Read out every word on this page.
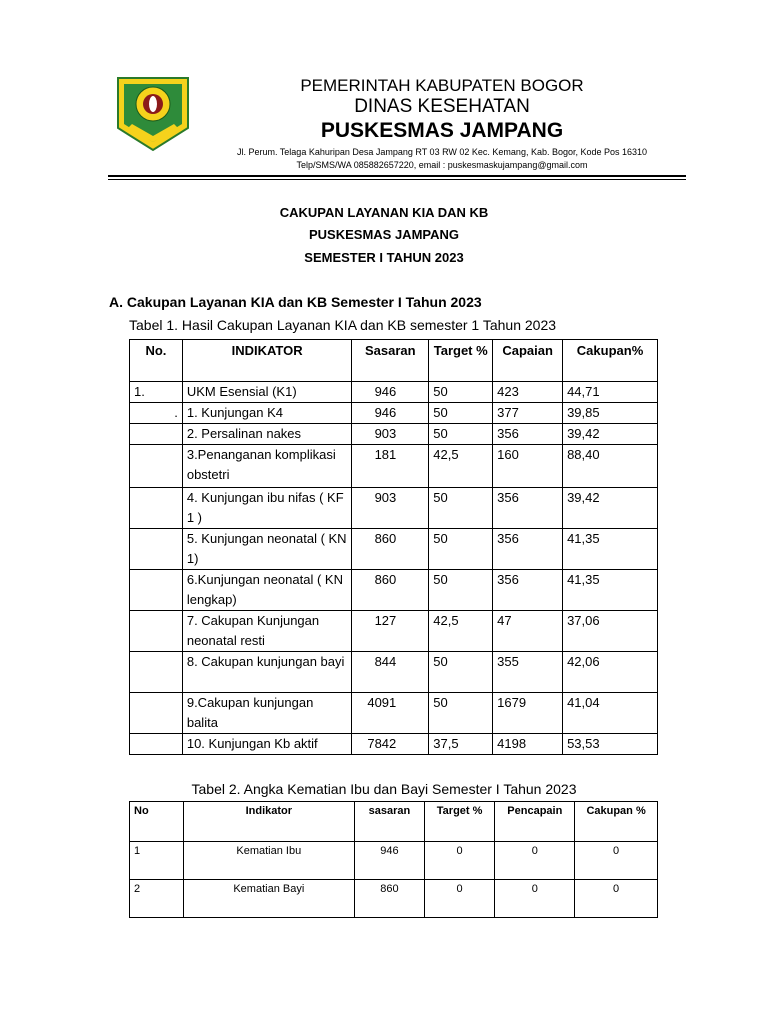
PEMERINTAH KABUPATEN BOGOR
DINAS KESEHATAN
PUSKESMAS JAMPANG
Jl. Perum. Telaga Kahuripan Desa Jampang RT 03 RW 02 Kec. Kemang, Kab. Bogor, Kode Pos 16310
Telp/SMS/WA 085882657220, email : puskesmaskujampang@gmail.com
CAKUPAN LAYANAN KIA DAN KB
PUSKESMAS JAMPANG
SEMESTER I TAHUN 2023
A. Cakupan Layanan KIA dan KB Semester I Tahun 2023
Tabel 1. Hasil Cakupan Layanan KIA dan KB semester 1 Tahun 2023
No.	INDIKATOR	Sasaran	Target %	Capaian	Cakupan%
1.	UKM Esensial (K1)	946	50	423	44,71
.	1. Kunjungan K4	946	50	377	39,85
	2. Persalinan nakes	903	50	356	39,42
	3.Penanganan komplikasi obstetri	181	42,5	160	88,40
	4. Kunjungan ibu nifas ( KF 1 )	903	50	356	39,42
	5. Kunjungan neonatal ( KN 1)	860	50	356	41,35
	6.Kunjungan neonatal ( KN lengkap)	860	50	356	41,35
	7. Cakupan Kunjungan neonatal resti	127	42,5	47	37,06
	8. Cakupan kunjungan bayi	844	50	355	42,06
	9.Cakupan kunjungan balita	4091	50	1679	41,04
	10. Kunjungan Kb aktif	7842	37,5	4198	53,53
Tabel 2. Angka Kematian Ibu dan Bayi Semester I Tahun 2023
No	Indikator	sasaran	Target %	Pencapain	Cakupan %
1	Kematian Ibu	946	0	0	0
2	Kematian Bayi	860	0	0	0
